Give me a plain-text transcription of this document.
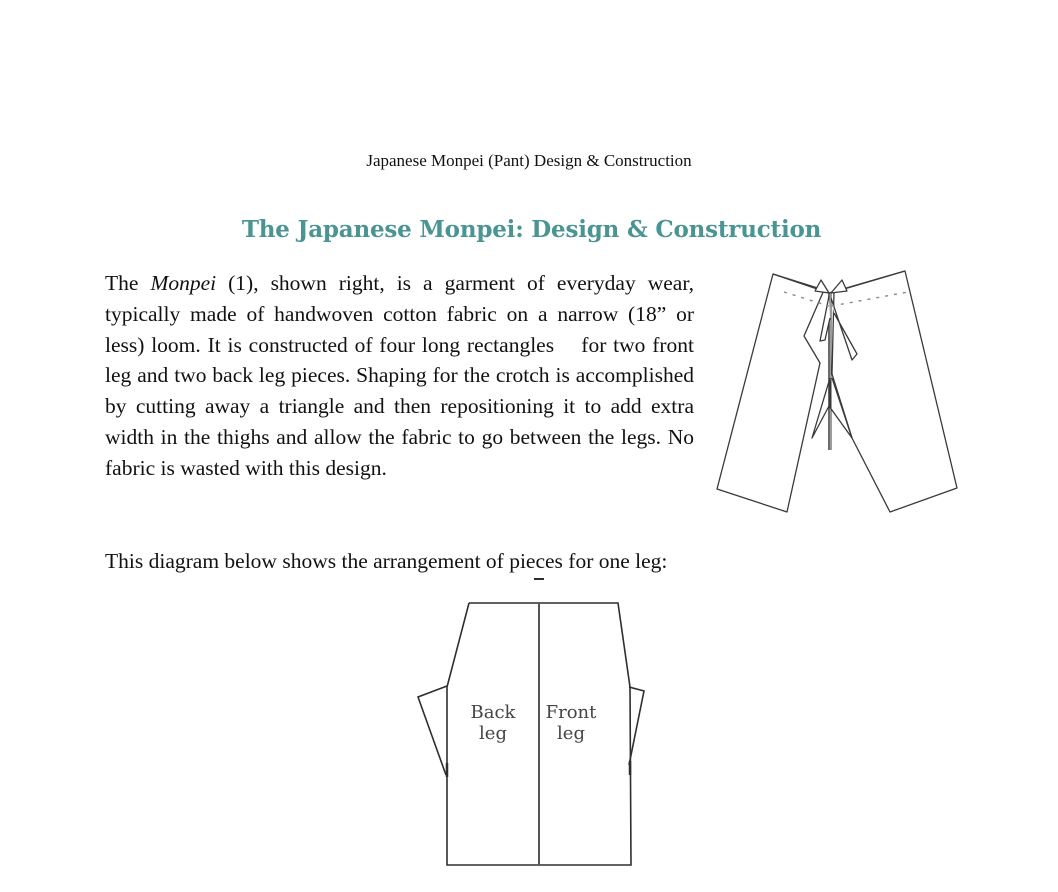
Japanese Monpei (Pant) Design & Construction
The Japanese Monpei: Design & Construction

The Monpei (1), shown right, is a garment of everyday wear, typically made of handwoven cotton fabric on a narrow (18” or less) loom. It is constructed of four long rectangles    for two front leg and two back leg pieces. Shaping for the crotch is accomplished by cutting away a triangle and then repositioning it to add extra width in the thighs and allow the fabric to go between the legs. No fabric is wasted with this design.

This diagram below shows the arrangement of pieces for one leg:

Back
leg
Front
leg
